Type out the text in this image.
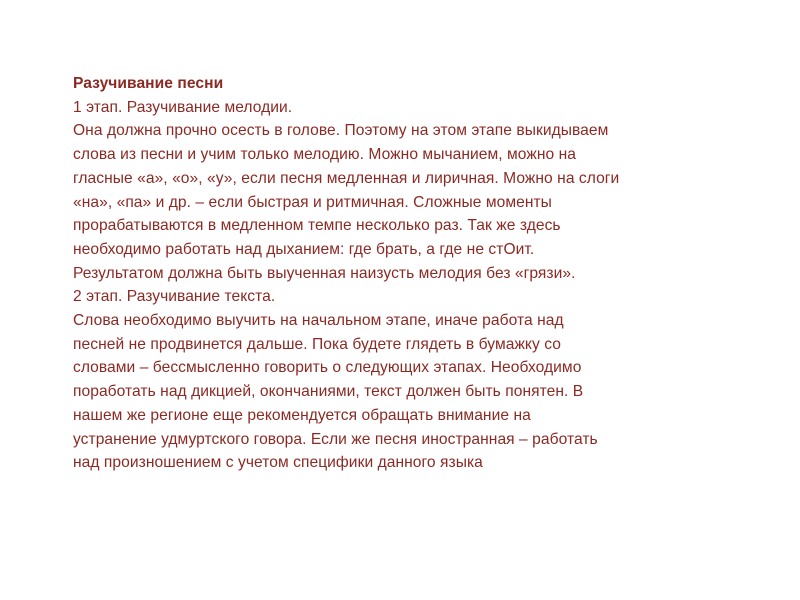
Разучивание песни
1 этап. Разучивание мелодии.
Она должна прочно осесть в голове. Поэтому на этом этапе выкидываем
слова из песни и учим только мелодию. Можно мычанием, можно на
гласные «а», «о», «у», если песня медленная и лиричная. Можно на слоги
«на», «па» и др. – если быстрая и ритмичная. Сложные моменты
прорабатываются в медленном темпе несколько раз. Так же здесь
необходимо работать над дыханием: где брать, а где не стОит.
Результатом должна быть выученная наизусть мелодия без «грязи».
2 этап. Разучивание текста.
Слова необходимо выучить на начальном этапе, иначе работа над
песней не продвинется дальше. Пока будете глядеть в бумажку со
словами – бессмысленно говорить о следующих этапах. Необходимо
поработать над дикцией, окончаниями, текст должен быть понятен. В
нашем же регионе еще рекомендуется обращать внимание на
устранение удмуртского говора. Если же песня иностранная – работать
над произношением с учетом специфики данного языка
